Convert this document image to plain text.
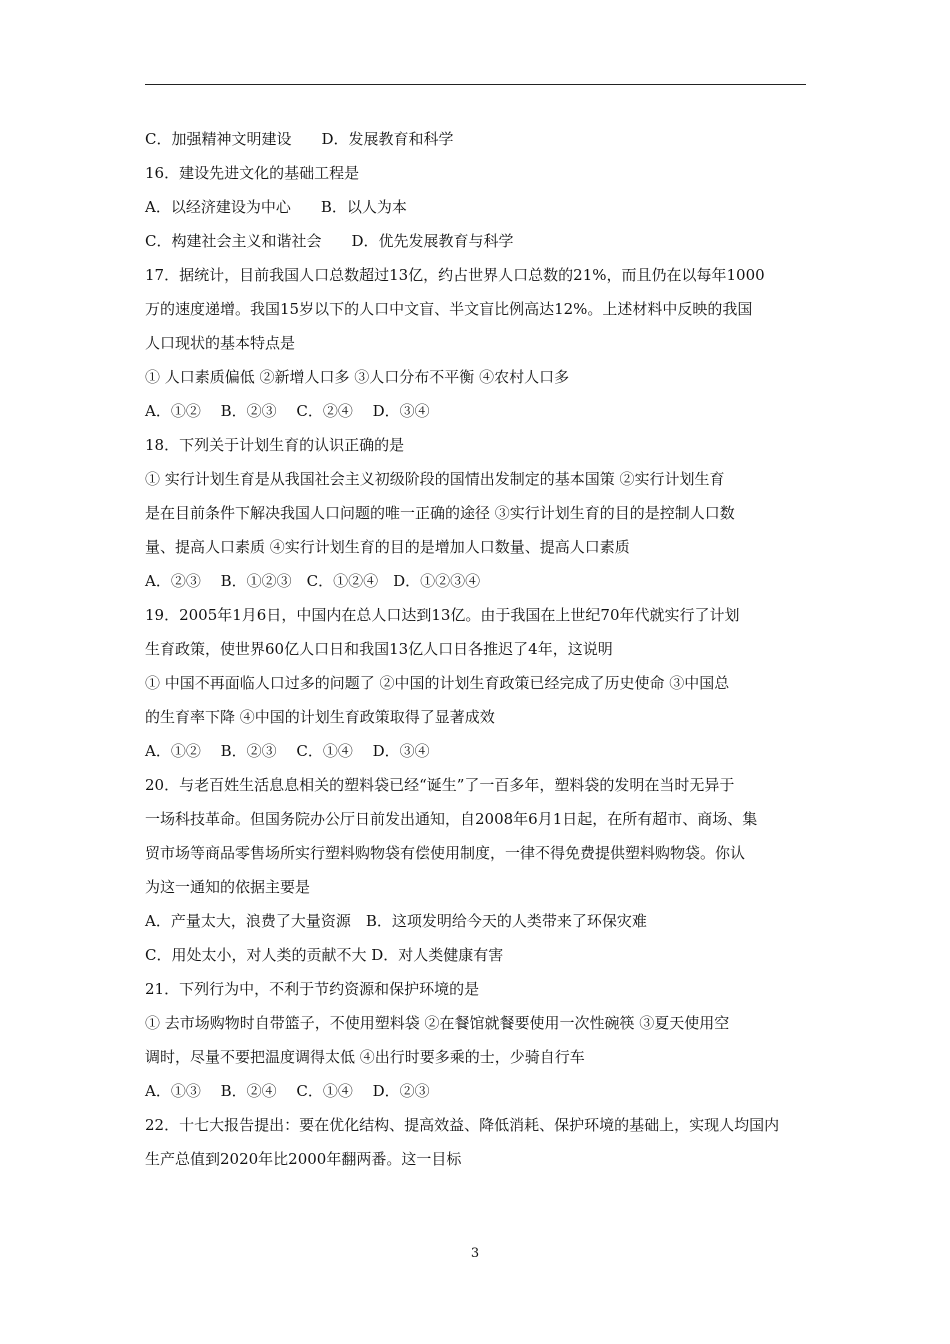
C．加强精神文明建设　　D．发展教育和科学
16．建设先进文化的基础工程是
A．以经济建设为中心　　B．以人为本
C．构建社会主义和谐社会　　D．优先发展教育与科学
17．据统计，目前我国人口总数超过13亿，约占世界人口总数的21%，而且仍在以每年1000
万的速度递增。我国15岁以下的人口中文盲、半文盲比例高达12%。上述材料中反映的我国
人口现状的基本特点是
① 人口素质偏低 ②新增人口多 ③人口分布不平衡 ④农村人口多
A．①②　 B．②③　 C．②④　 D．③④
18．下列关于计划生育的认识正确的是
① 实行计划生育是从我国社会主义初级阶段的国情出发制定的基本国策 ②实行计划生育
是在目前条件下解决我国人口问题的唯一正确的途径 ③实行计划生育的目的是控制人口数
量、提高人口素质 ④实行计划生育的目的是增加人口数量、提高人口素质
A．②③　 B．①②③　C．①②④　D．①②③④
19．2005年1月6日，中国内在总人口达到13亿。由于我国在上世纪70年代就实行了计划
生育政策，使世界60亿人口日和我国13亿人口日各推迟了4年，这说明
① 中国不再面临人口过多的问题了 ②中国的计划生育政策已经完成了历史使命 ③中国总
的生育率下降 ④中国的计划生育政策取得了显著成效
A．①②　 B．②③　 C．①④　 D．③④
20．与老百姓生活息息相关的塑料袋已经“诞生”了一百多年，塑料袋的发明在当时无异于
一场科技革命。但国务院办公厅日前发出通知，自2008年6月1日起，在所有超市、商场、集
贸市场等商品零售场所实行塑料购物袋有偿使用制度，一律不得免费提供塑料购物袋。你认
为这一通知的依据主要是
A．产量太大，浪费了大量资源　B．这项发明给今天的人类带来了环保灾难
C．用处太小，对人类的贡献不大 D．对人类健康有害
21．下列行为中，不利于节约资源和保护环境的是
① 去市场购物时自带篮子，不使用塑料袋 ②在餐馆就餐要使用一次性碗筷 ③夏天使用空
调时，尽量不要把温度调得太低 ④出行时要多乘的士，少骑自行车
A．①③　 B．②④　 C．①④　 D．②③
22．十七大报告提出：要在优化结构、提高效益、降低消耗、保护环境的基础上，实现人均国内
生产总值到2020年比2000年翻两番。这一目标
3
